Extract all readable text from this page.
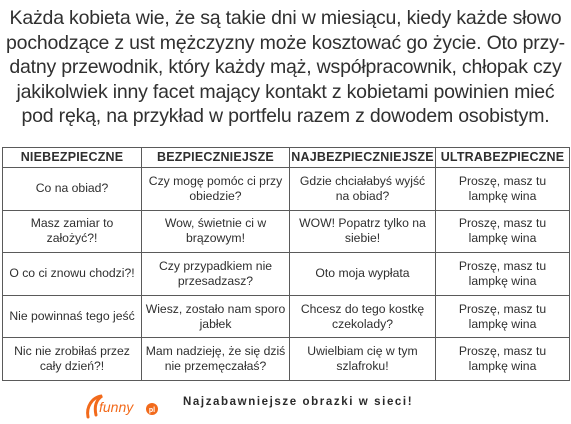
Każda kobieta wie, że są takie dni w miesiącu, kiedy każde słowo
pochodzące z ust mężczyzny może kosztować go życie. Oto przy-
datny przewodnik, który każdy mąż, współpracownik, chłopak czy
jakikolwiek inny facet mający kontakt z kobietami powinien mieć
pod ręką, na przykład w portfelu razem z dowodem osobistym.
NIEBEZPIECZNE	BEZPIECZNIEJSZE	NAJBEZPIECZNIEJSZE	ULTRABEZPIECZNE
Co na obiad?	Czy mogę pomóc ci przy obiedzie?	Gdzie chciałabyś wyjść na obiad?	Proszę, masz tu lampkę wina
Masz zamiar to założyć?!	Wow, świetnie ci w brązowym!	WOW! Popatrz tylko na siebie!	Proszę, masz tu lampkę wina
O co ci znowu chodzi?!	Czy przypadkiem nie przesadzasz?	Oto moja wypłata	Proszę, masz tu lampkę wina
Nie powinnaś tego jeść	Wiesz, zostało nam sporo jabłek	Chcesz do tego kostkę czekolady?	Proszę, masz tu lampkę wina
Nic nie zrobiłaś przez cały dzień?!	Mam nadzieję, że się dziś nie przemęczałaś?	Uwielbiam cię w tym szlafroku!	Proszę, masz tu lampkę wina
funny pl
Najzabawniejsze obrazki w sieci!
